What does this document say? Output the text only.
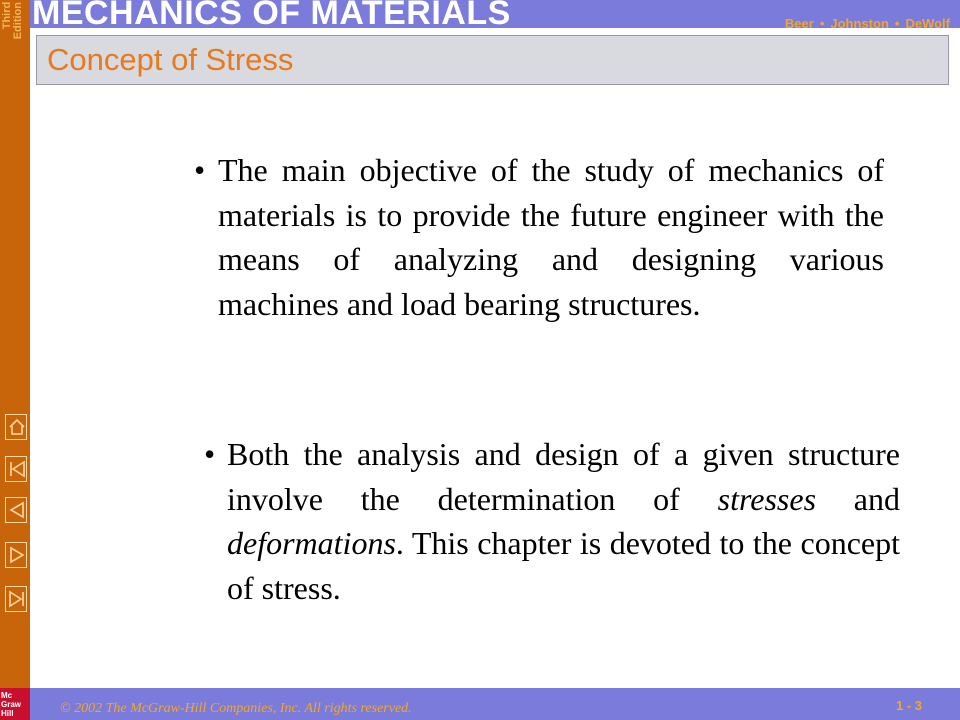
Third
Edition MECHANICS OF MATERIALS	Beer • Johnston • DeWolf
Concept of Stress
• The main objective of the study of mechanics of materials is to provide the future engineer with the means of analyzing and designing various machines and load bearing structures.
• Both the analysis and design of a given structure involve the determination of stresses and deformations. This chapter is devoted to the concept of stress.
Mc
Graw
Hill	© 2002 The McGraw-Hill Companies, Inc. All rights reserved.	1 - 3
